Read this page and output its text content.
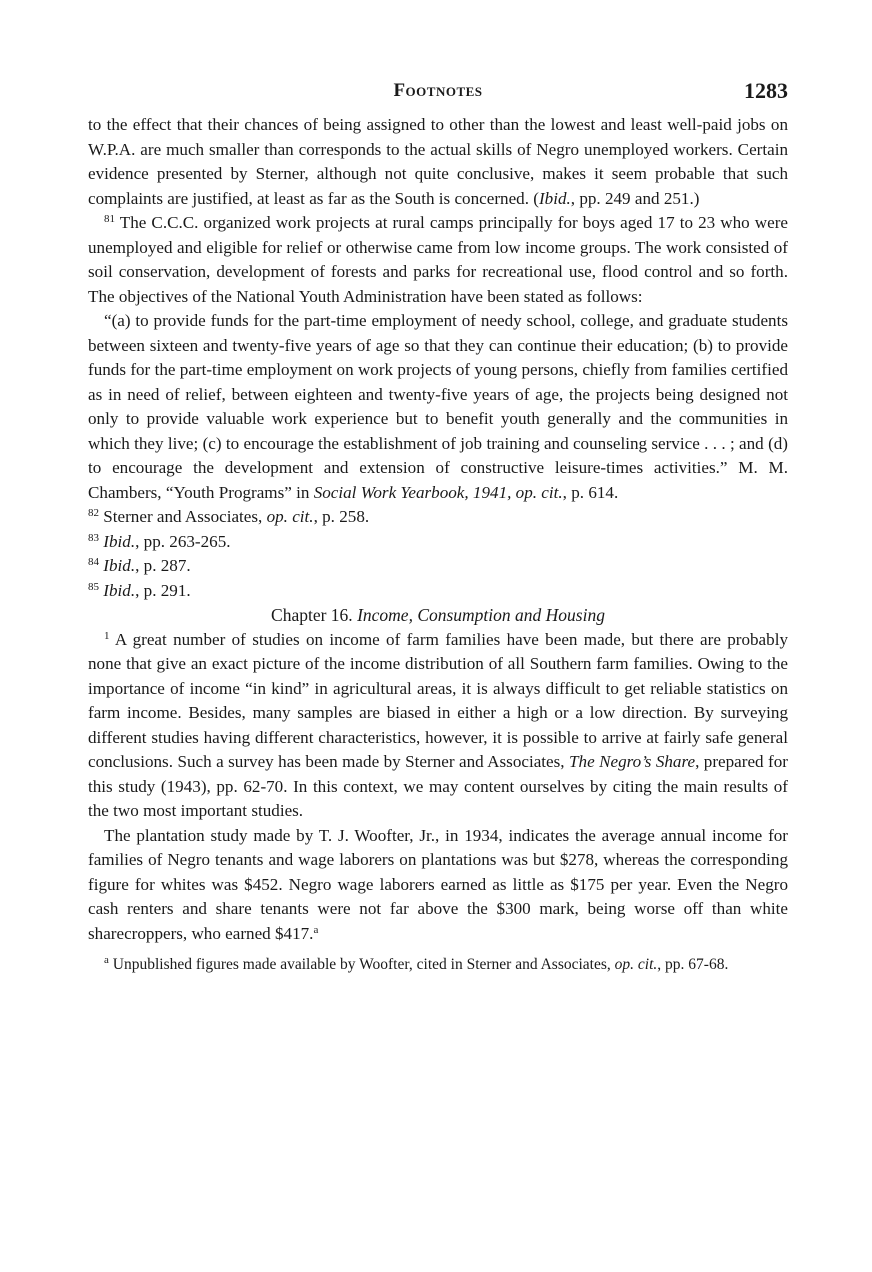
Footnotes	1283

to the effect that their chances of being assigned to other than the lowest and least well-paid jobs on W.P.A. are much smaller than corresponds to the actual skills of Negro unemployed workers. Certain evidence presented by Sterner, although not quite conclusive, makes it seem probable that such complaints are justified, at least as far as the South is concerned. (Ibid., pp. 249 and 251.)

$^{81}$ The C.C.C. organized work projects at rural camps principally for boys aged 17 to 23 who were unemployed and eligible for relief or otherwise came from low income groups. The work consisted of soil conservation, development of forests and parks for recreational use, flood control and so forth. The objectives of the National Youth Administration have been stated as follows:

“(a) to provide funds for the part-time employment of needy school, college, and graduate students between sixteen and twenty-five years of age so that they can continue their education; (b) to provide funds for the part-time employment on work projects of young persons, chiefly from families certified as in need of relief, between eighteen and twenty-five years of age, the projects being designed not only to provide valuable work experience but to benefit youth generally and the communities in which they live; (c) to encourage the establishment of job training and counseling service . . . ; and (d) to encourage the development and extension of constructive leisure-times activities.” M. M. Chambers, “Youth Programs” in Social Work Yearbook, 1941, op. cit., p. 614.

$^{82}$ Sterner and Associates, op. cit., p. 258.

$^{83}$ Ibid., pp. 263-265.

$^{84}$ Ibid., p. 287.

$^{85}$ Ibid., p. 291.

Chapter 16. Income, Consumption and Housing

$^1$ A great number of studies on income of farm families have been made, but there are probably none that give an exact picture of the income distribution of all Southern farm families. Owing to the importance of income “in kind” in agricultural areas, it is always difficult to get reliable statistics on farm income. Besides, many samples are biased in either a high or a low direction. By surveying different studies having different characteristics, however, it is possible to arrive at fairly safe general conclusions. Such a survey has been made by Sterner and Associates, The Negro’s Share, prepared for this study (1943), pp. 62-70. In this context, we may content ourselves by citing the main results of the two most important studies.

The plantation study made by T. J. Woofter, Jr., in 1934, indicates the average annual income for families of Negro tenants and wage laborers on plantations was but $278, whereas the corresponding figure for whites was $452. Negro wage laborers earned as little as $175 per year. Even the Negro cash renters and share tenants were not far above the $300 mark, being worse off than white sharecroppers, who earned $417.$^a$

$^a$ Unpublished figures made available by Woofter, cited in Sterner and Associates, op. cit., pp. 67-68.
